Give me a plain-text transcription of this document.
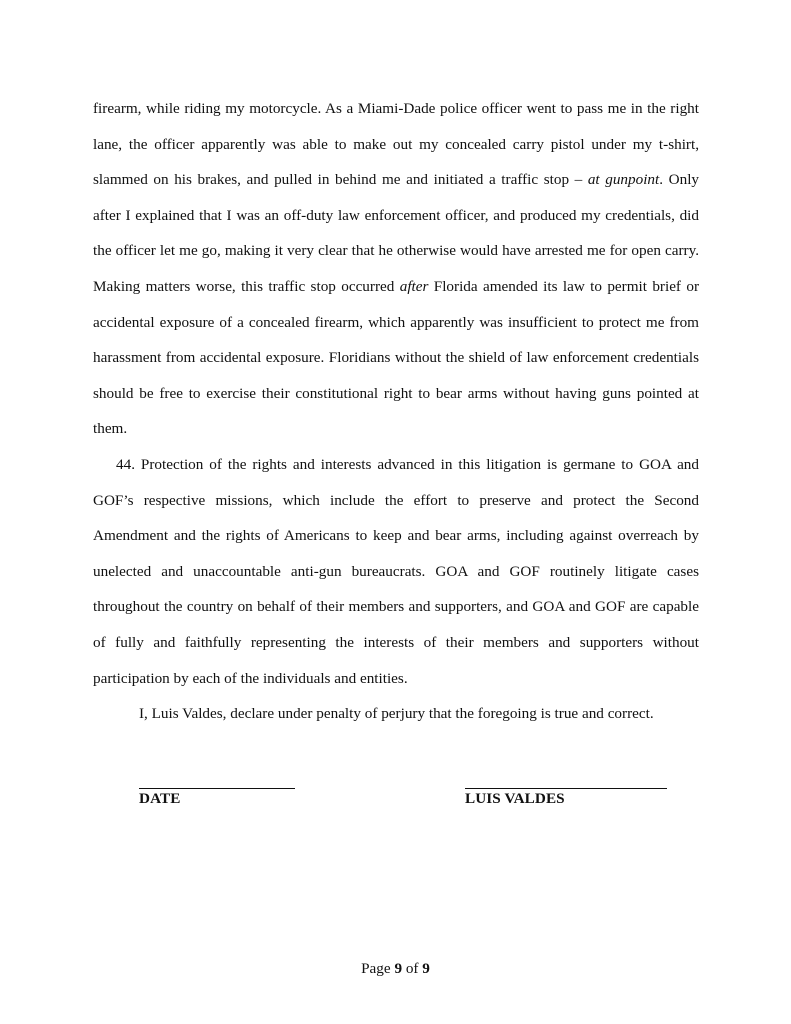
firearm, while riding my motorcycle. As a Miami-Dade police officer went to pass me in the right lane, the officer apparently was able to make out my concealed carry pistol under my t-shirt, slammed on his brakes, and pulled in behind me and initiated a traffic stop – at gunpoint. Only after I explained that I was an off-duty law enforcement officer, and produced my credentials, did the officer let me go, making it very clear that he otherwise would have arrested me for open carry. Making matters worse, this traffic stop occurred after Florida amended its law to permit brief or accidental exposure of a concealed firearm, which apparently was insufficient to protect me from harassment from accidental exposure. Floridians without the shield of law enforcement credentials should be free to exercise their constitutional right to bear arms without having guns pointed at them.

44. Protection of the rights and interests advanced in this litigation is germane to GOA and GOF’s respective missions, which include the effort to preserve and protect the Second Amendment and the rights of Americans to keep and bear arms, including against overreach by unelected and unaccountable anti-gun bureaucrats. GOA and GOF routinely litigate cases throughout the country on behalf of their members and supporters, and GOA and GOF are capable of fully and faithfully representing the interests of their members and supporters without participation by each of the individuals and entities.

I, Luis Valdes, declare under penalty of perjury that the foregoing is true and correct.

DATE	LUIS VALDES
Page 9 of 9
